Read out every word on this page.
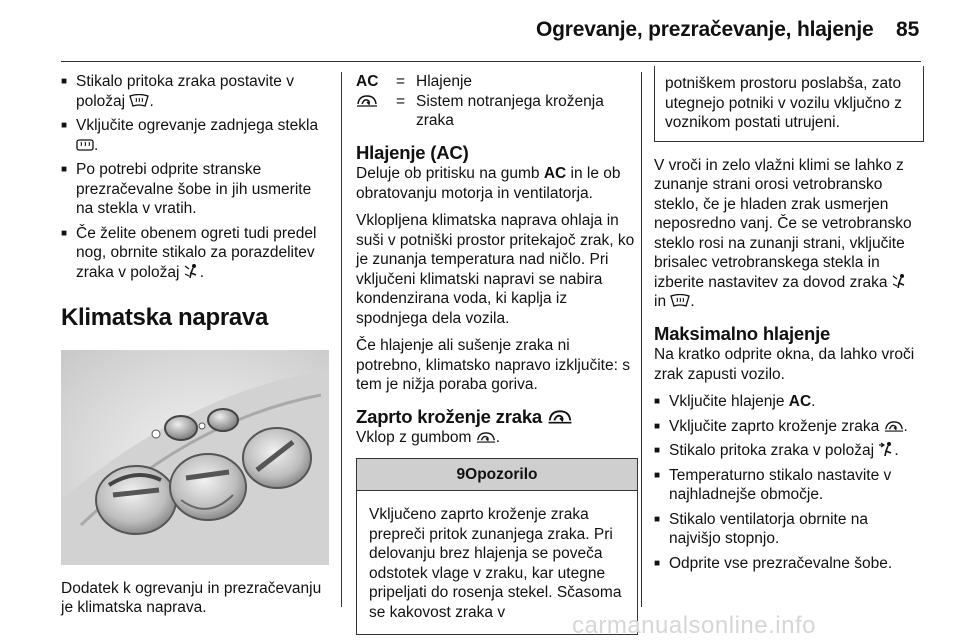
Ogrevanje, prezračevanje, hlajenje 85
■ Stikalo pritoka zraka postavite v položaj .
■ Vključite ogrevanje zadnjega stekla .
■ Po potrebi odprite stranske prezračevalne šobe in jih usmerite na stekla v vratih.
■ Če želite obenem ogreti tudi predel nog, obrnite stikalo za porazdelitev zraka v položaj .
Klimatska naprava

Dodatek k ogrevanju in prezračevanju je klimatska naprava.

AC	= Hlajenje
= Sistem notranjega kroženja zraka
Hlajenje (AC)

Deluje ob pritisku na gumb AC in le ob obratovanju motorja in ventilatorja.

Vklopljena klimatska naprava ohlaja in suši v potniški prostor pritekajoč zrak, ko je zunanja temperatura nad ničlo. Pri vključeni klimatski napravi se nabira kondenzirana voda, ki kaplja iz spodnjega dela vozila.

Če hlajenje ali sušenje zraka ni potrebno, klimatsko napravo izključite: s tem je nižja poraba goriva.

Zaprto kroženje zraka

Vklop z gumbom .

9Opozorilo
Vključeno zaprto kroženje zraka prepreči pritok zunanjega zraka. Pri delovanju brez hlajenja se poveča odstotek vlage v zraku, kar utegne pripeljati do rosenja stekel. Sčasoma se kakovost zraka v
potniškem prostoru poslabša, zato utegnejo potniki v vozilu vključno z voznikom postati utrujeni.

V vroči in zelo vlažni klimi se lahko z zunanje strani orosi vetrobransko steklo, če je hladen zrak usmerjen neposredno vanj. Če se vetrobransko steklo rosi na zunanji strani, vključite brisalec vetrobranskega stekla in izberite nastavitev za dovod zraka  in .

Maksimalno hlajenje

Na kratko odprite okna, da lahko vroči zrak zapusti vozilo.

■ Vključite hlajenje AC.
■ Vključite zaprto kroženje zraka .
■ Stikalo pritoka zraka v položaj .
■ Temperaturno stikalo nastavite v najhladnejše območje.
■ Stikalo ventilatorja obrnite na najvišjo stopnjo.
■ Odprite vse prezračevalne šobe.
carmanualsonline.info
